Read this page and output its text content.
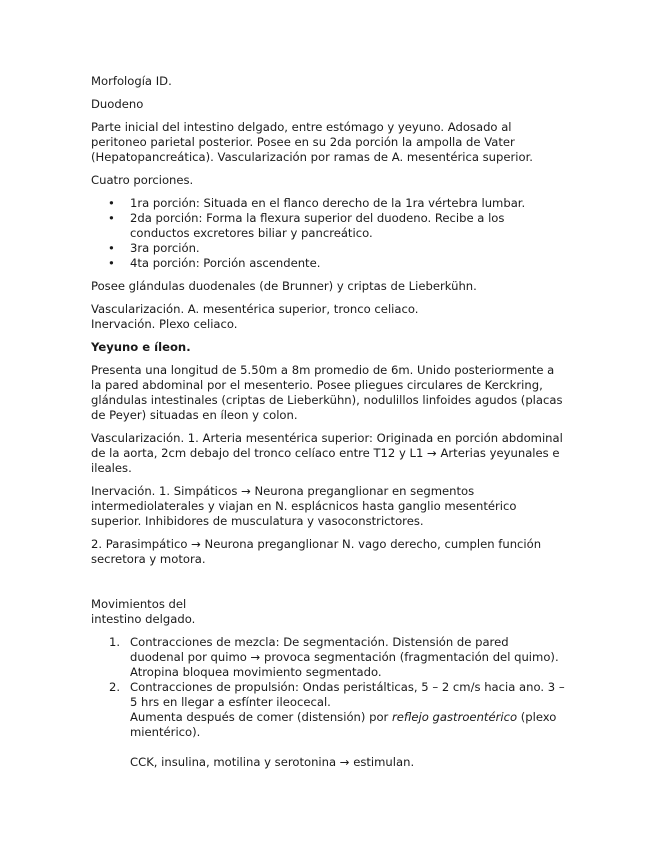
Morfología ID.

Duodeno

Parte inicial del intestino delgado, entre estómago y yeyuno. Adosado al peritoneo parietal posterior. Posee en su 2da porción la ampolla de Vater (Hepatopancreática). Vascularización por ramas de A. mesentérica superior.

Cuatro porciones.

• 1ra porción: Situada en el flanco derecho de la 1ra vértebra lumbar.
• 2da porción: Forma la flexura superior del duodeno. Recibe a los conductos excretores biliar y pancreático.
• 3ra porción.
• 4ta porción: Porción ascendente.

Posee glándulas duodenales (de Brunner) y criptas de Lieberkühn.

Vascularización. A. mesentérica superior, tronco celiaco.

Inervación. Plexo celiaco.

Yeyuno e íleon.

Presenta una longitud de 5.50m a 8m promedio de 6m. Unido posteriormente a la pared abdominal por el mesenterio. Posee pliegues circulares de Kerckring, glándulas intestinales (criptas de Lieberkühn), nodulillos linfoides agudos (placas de Peyer) situadas en íleon y colon.

Vascularización. 1. Arteria mesentérica superior: Originada en porción abdominal de la aorta, 2cm debajo del tronco celíaco entre T12 y L1 → Arterias yeyunales e ileales.

Inervación. 1. Simpáticos → Neurona preganglionar en segmentos intermediolaterales y viajan en N. esplácnicos hasta ganglio mesentérico superior. Inhibidores de musculatura y vasoconstrictores.

2. Parasimpático → Neurona preganglionar N. vago derecho, cumplen función secretora y motora.

Movimientos del
intestino delgado.

1. Contracciones de mezcla: De segmentación. Distensión de pared duodenal por quimo → provoca segmentación (fragmentación del quimo). Atropina bloquea movimiento segmentado.
2. Contracciones de propulsión: Ondas peristálticas, 5 – 2 cm/s hacia ano. 3 – 5 hrs en llegar a esfínter ileocecal.
Aumenta después de comer (distensión) por reflejo gastroentérico (plexo mientérico).
CCK, insulina, motilina y serotonina → estimulan.
